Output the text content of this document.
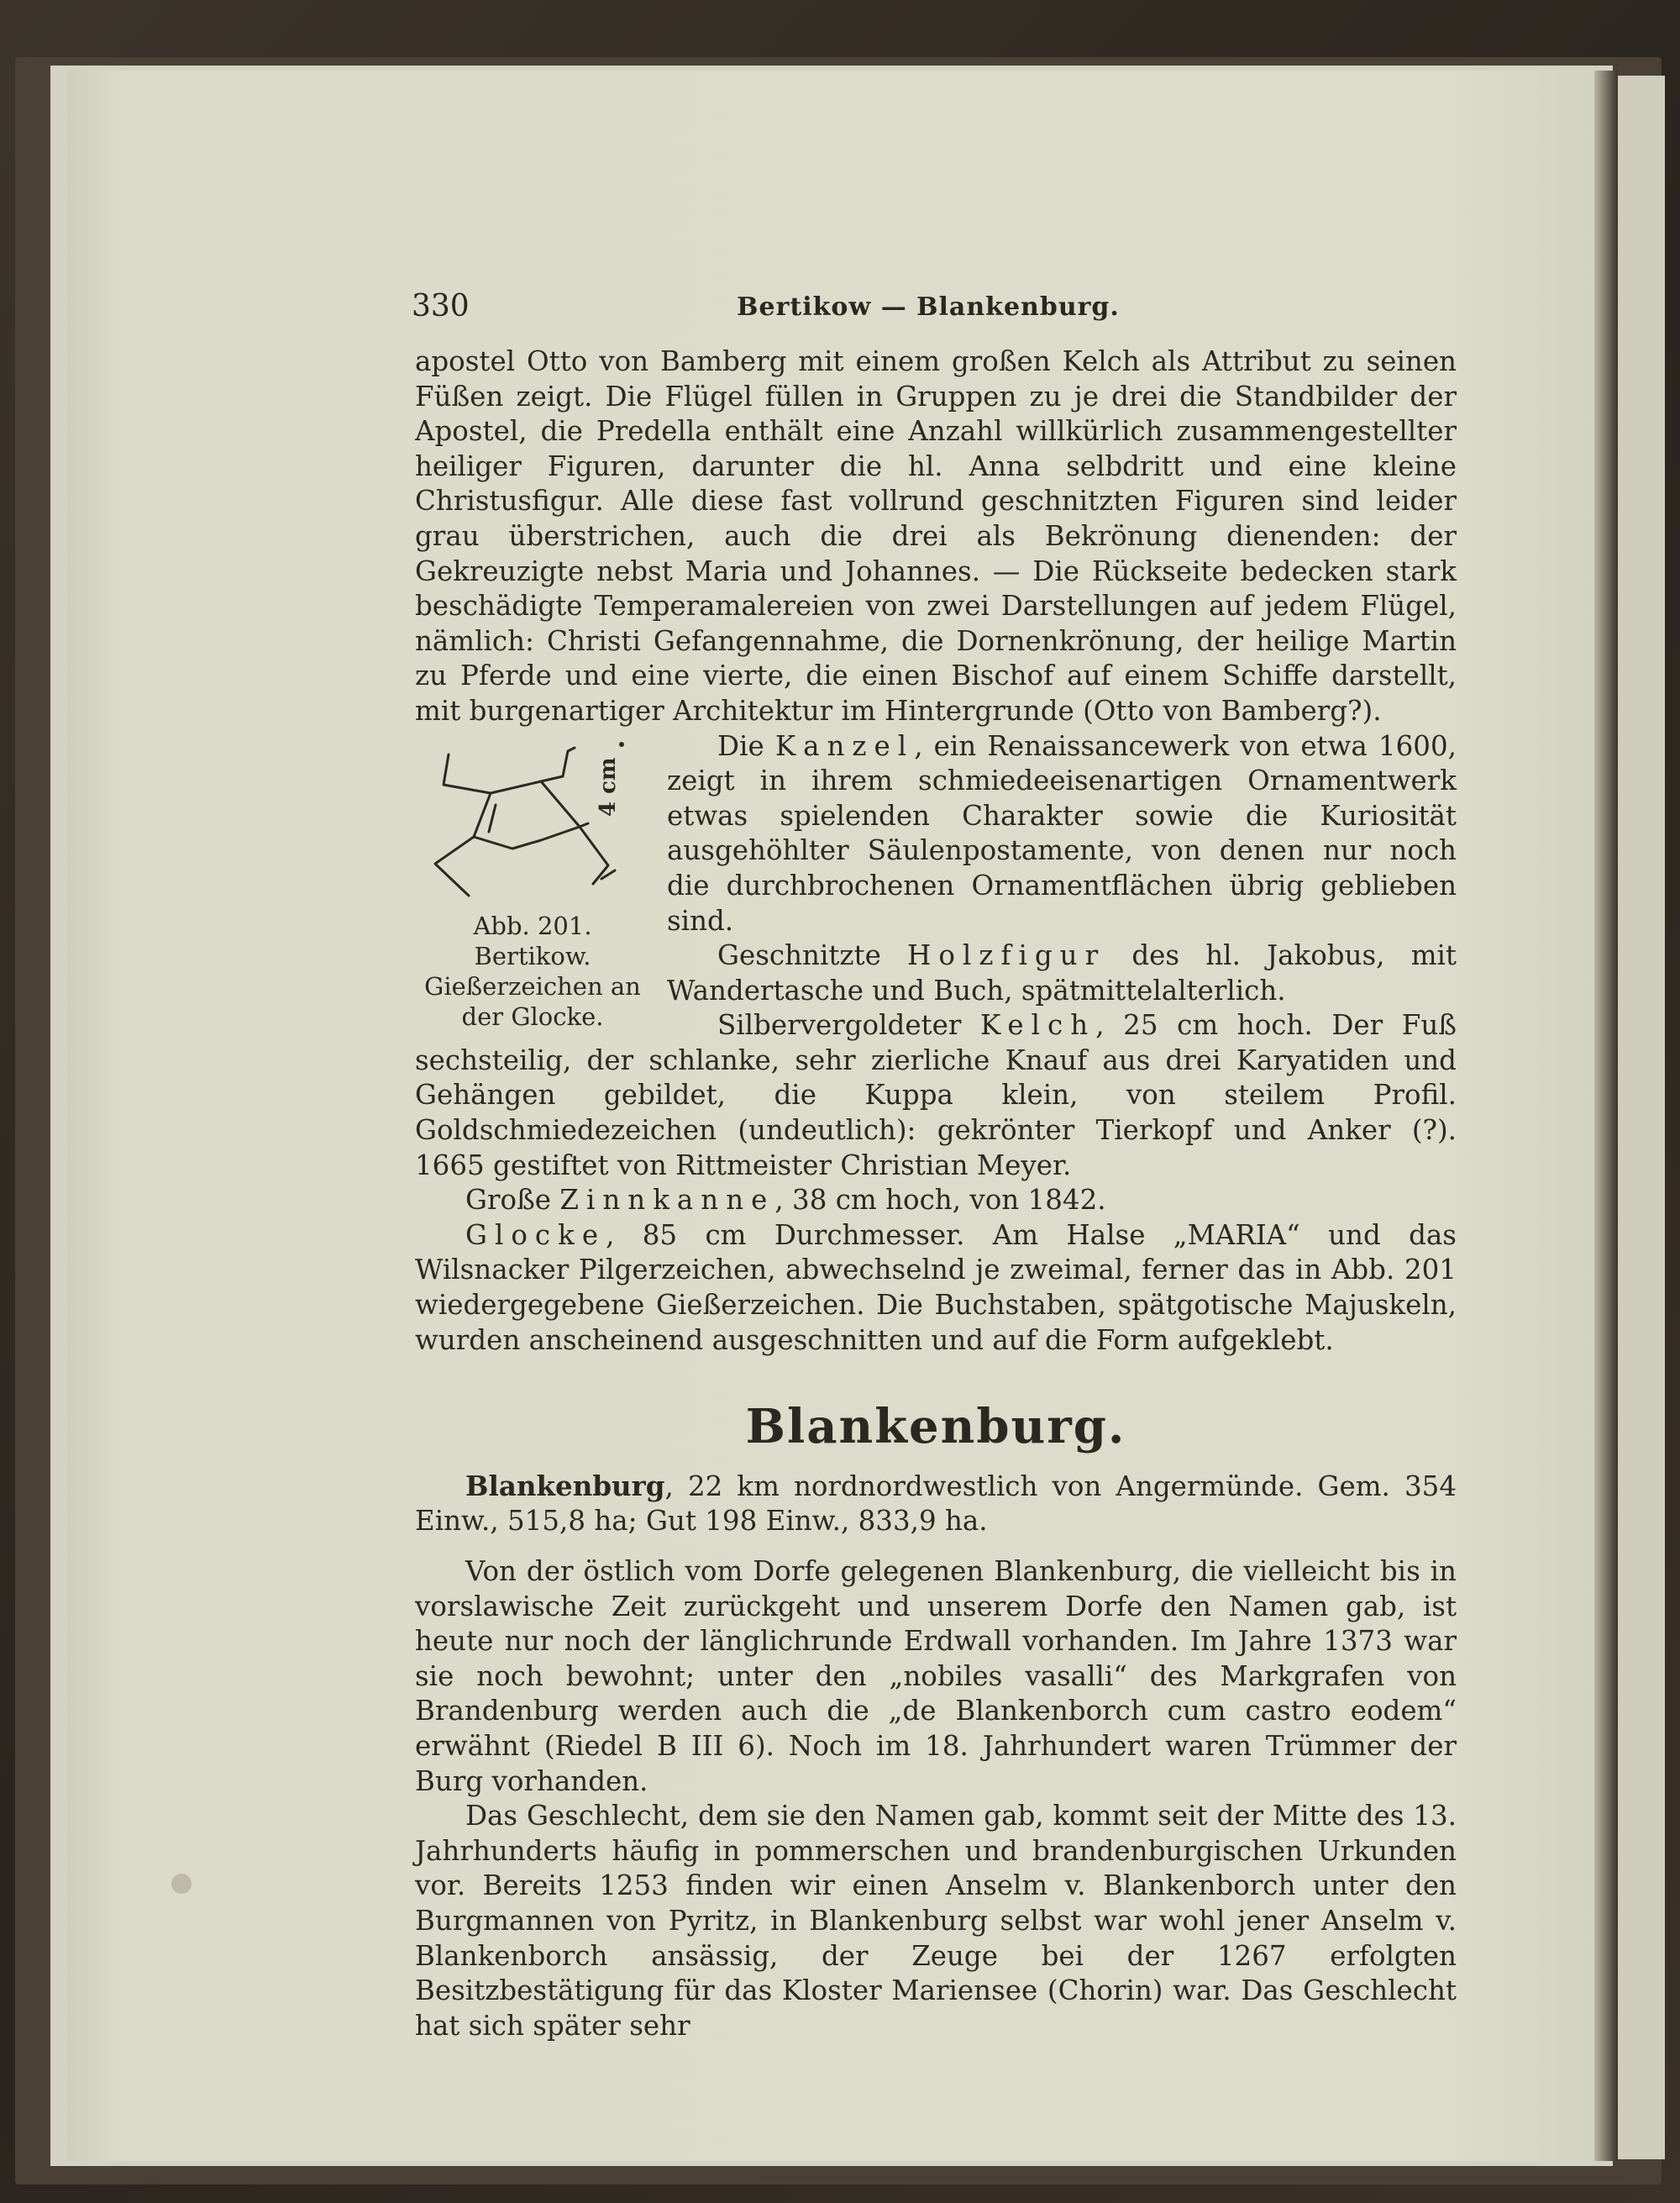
330	Bertikow — Blankenburg.

apostel Otto von Bamberg mit einem großen Kelch als Attribut zu seinen Füßen zeigt. Die Flügel füllen in Gruppen zu je drei die Standbilder der Apostel, die Predella enthält eine Anzahl willkürlich zusammengestellter heiliger Figuren, darunter die hl. Anna selbdritt und eine kleine Christusfigur. Alle diese fast vollrund geschnitzten Figuren sind leider grau überstrichen, auch die drei als Bekrönung dienenden: der Gekreuzigte nebst Maria und Johannes. — Die Rückseite bedecken stark beschädigte Temperamalereien von zwei Darstellungen auf jedem Flügel, nämlich: Christi Gefangennahme, die Dornenkrönung, der heilige Martin zu Pferde und eine vierte, die einen Bischof auf einem Schiffe darstellt, mit burgenartiger Architektur im Hintergrunde (Otto von Bamberg?).

4 cm
Abb. 201. Bertikow. Gießerzeichen an der Glocke.

Die Kanzel, ein Renaissancewerk von etwa 1600, zeigt in ihrem schmiedeeisenartigen Ornamentwerk etwas spielenden Charakter sowie die Kuriosität ausgehöhlter Säulenpostamente, von denen nur noch die durchbrochenen Ornamentflächen übrig geblieben sind.

Geschnitzte Holzfigur des hl. Jakobus, mit Wandertasche und Buch, spätmittelalterlich.

Silbervergoldeter Kelch, 25 cm hoch. Der Fuß sechsteilig, der schlanke, sehr zierliche Knauf aus drei Karyatiden und Gehängen gebildet, die Kuppa klein, von steilem Profil. Goldschmiedezeichen (undeutlich): gekrönter Tierkopf und Anker (?). 1665 gestiftet von Rittmeister Christian Meyer.

Große Zinnkanne, 38 cm hoch, von 1842.

Glocke, 85 cm Durchmesser. Am Halse „MARIA“ und das Wilsnacker Pilgerzeichen, abwechselnd je zweimal, ferner das in Abb. 201 wiedergegebene Gießerzeichen. Die Buchstaben, spätgotische Majuskeln, wurden anscheinend ausgeschnitten und auf die Form aufgeklebt.

Blankenburg.

Blankenburg, 22 km nordnordwestlich von Angermünde. Gem. 354 Einw., 515,8 ha; Gut 198 Einw., 833,9 ha.

Von der östlich vom Dorfe gelegenen Blankenburg, die vielleicht bis in vorslawische Zeit zurückgeht und unserem Dorfe den Namen gab, ist heute nur noch der länglichrunde Erdwall vorhanden. Im Jahre 1373 war sie noch bewohnt; unter den „nobiles vasalli“ des Markgrafen von Brandenburg werden auch die „de Blankenborch cum castro eodem“ erwähnt (Riedel B III 6). Noch im 18. Jahrhundert waren Trümmer der Burg vorhanden.

Das Geschlecht, dem sie den Namen gab, kommt seit der Mitte des 13. Jahrhunderts häufig in pommerschen und brandenburgischen Urkunden vor. Bereits 1253 finden wir einen Anselm v. Blankenborch unter den Burgmannen von Pyritz, in Blankenburg selbst war wohl jener Anselm v. Blankenborch ansässig, der Zeuge bei der 1267 erfolgten Besitzbestätigung für das Kloster Mariensee (Chorin) war. Das Geschlecht hat sich später sehr
